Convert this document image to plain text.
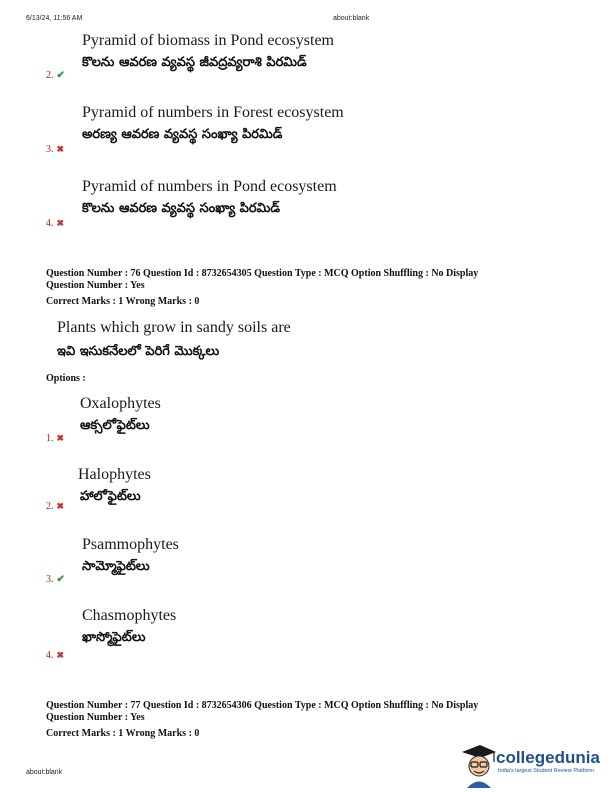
6/13/24, 11:56 AM	about:blank
Pyramid of biomass in Pond ecosystem
కొలను ఆవరణ వ్యవస్థ జీవద్రవ్యరాశి పిరమిడ్
2. ✔
Pyramid of numbers in Forest ecosystem
అరణ్య ఆవరణ వ్యవస్థ సంఖ్యా పిరమిడ్
3. ✖
Pyramid of numbers in Pond ecosystem
కొలను ఆవరణ వ్యవస్థ సంఖ్యా పిరమిడ్
4. ✖
Question Number : 76 Question Id : 8732654305 Question Type : MCQ Option Shuffling : No Display
Question Number : Yes
Correct Marks : 1 Wrong Marks : 0
Plants which grow in sandy soils are
ఇవి ఇసుకనేలలో పెరిగే మొక్కలు
Options :
Oxalophytes
ఆక్సలోఫైట్‌లు
1. ✖
Halophytes
హాలోఫైట్‌లు
2. ✖
Psammophytes
సామ్మోఫైట్‌లు
3. ✔
Chasmophytes
ఖాస్మోఫైట్‌లు
4. ✖
Question Number : 77 Question Id : 8732654306 Question Type : MCQ Option Shuffling : No Display
Question Number : Yes
Correct Marks : 1 Wrong Marks : 0
about:blank
collegedunia
India's largest Student Review Platform
